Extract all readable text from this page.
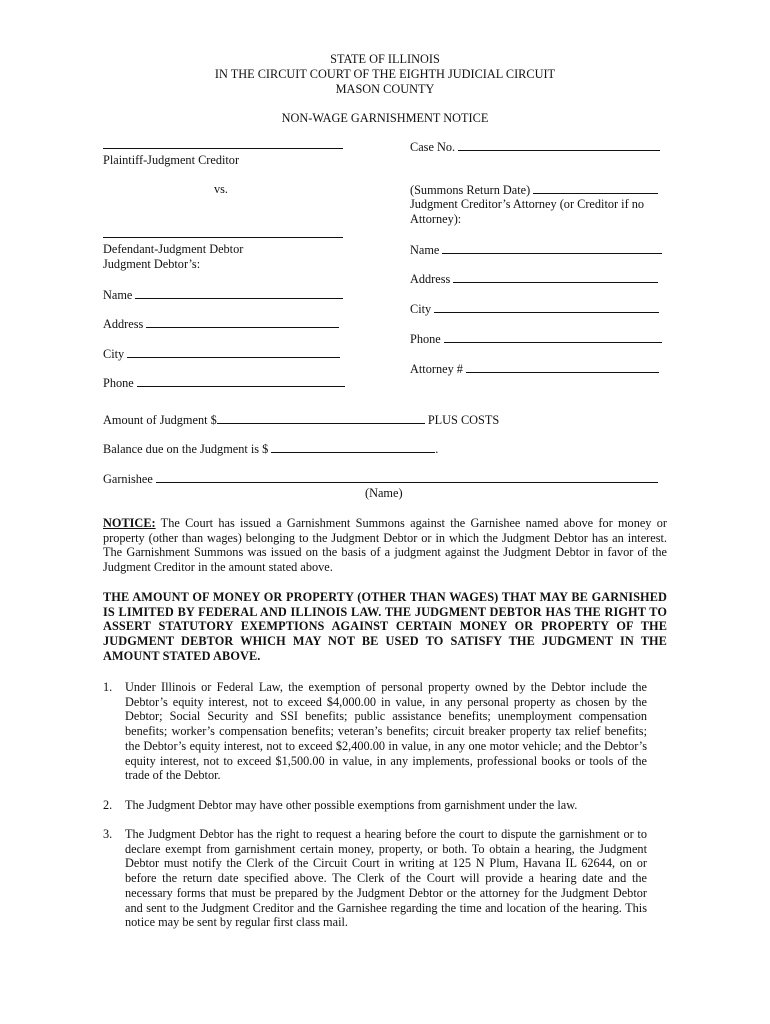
STATE OF ILLINOIS
IN THE CIRCUIT COURT OF THE EIGHTH JUDICIAL CIRCUIT
MASON COUNTY
NON-WAGE GARNISHMENT NOTICE
Plaintiff-Judgment Creditor
vs.
Defendant-Judgment Debtor
Judgment Debtor’s:
Name
Address
City
Phone
Case No.
(Summons Return Date)
Judgment Creditor’s Attorney (or Creditor if no
Attorney):
Name
Address
City
Phone
Attorney #
Amount of Judgment $	PLUS COSTS
Balance due on the Judgment is $	.
Garnishee
(Name)
NOTICE: The Court has issued a Garnishment Summons against the Garnishee named above for money or property (other than wages) belonging to the Judgment Debtor or in which the Judgment Debtor has an interest. The Garnishment Summons was issued on the basis of a judgment against the Judgment Debtor in favor of the Judgment Creditor in the amount stated above.
THE AMOUNT OF MONEY OR PROPERTY (OTHER THAN WAGES) THAT MAY BE GARNISHED IS LIMITED BY FEDERAL AND ILLINOIS LAW. THE JUDGMENT DEBTOR HAS THE RIGHT TO ASSERT STATUTORY EXEMPTIONS AGAINST CERTAIN MONEY OR PROPERTY OF THE JUDGMENT DEBTOR WHICH MAY NOT BE USED TO SATISFY THE JUDGMENT IN THE AMOUNT STATED ABOVE.
1. Under Illinois or Federal Law, the exemption of personal property owned by the Debtor include the Debtor’s equity interest, not to exceed $4,000.00 in value, in any personal property as chosen by the Debtor; Social Security and SSI benefits; public assistance benefits; unemployment compensation benefits; worker’s compensation benefits; veteran’s benefits; circuit breaker property tax relief benefits; the Debtor’s equity interest, not to exceed $2,400.00 in value, in any one motor vehicle; and the Debtor’s equity interest, not to exceed $1,500.00 in value, in any implements, professional books or tools of the trade of the Debtor.
2. The Judgment Debtor may have other possible exemptions from garnishment under the law.
3. The Judgment Debtor has the right to request a hearing before the court to dispute the garnishment or to declare exempt from garnishment certain money, property, or both. To obtain a hearing, the Judgment Debtor must notify the Clerk of the Circuit Court in writing at 125 N Plum, Havana IL 62644, on or before the return date specified above. The Clerk of the Court will provide a hearing date and the necessary forms that must be prepared by the Judgment Debtor or the attorney for the Judgment Debtor and sent to the Judgment Creditor and the Garnishee regarding the time and location of the hearing. This notice may be sent by regular first class mail.
